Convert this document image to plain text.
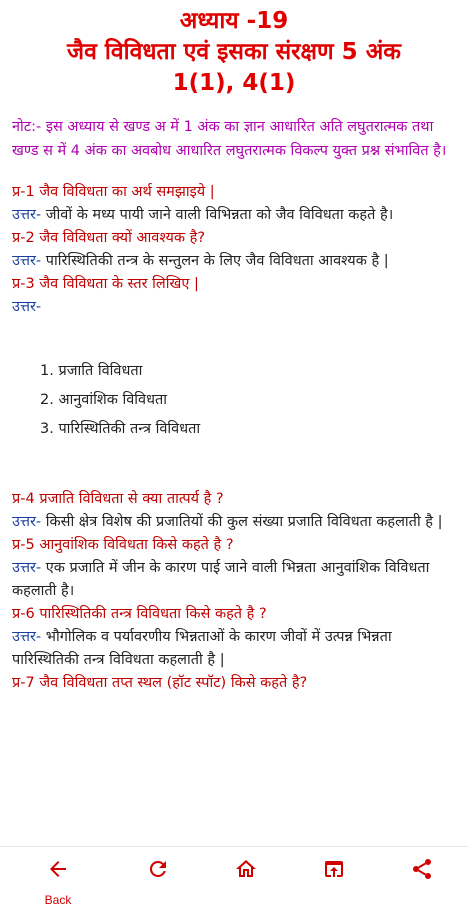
अध्याय -19
जैव विविधता एवं इसका संरक्षण 5 अंक
1(1), 4(1)
नोट:- इस अध्याय से खण्ड अ में 1 अंक का ज्ञान आधारित अति लघुतरात्मक तथा खण्ड स में 4 अंक का अवबोध आधारित लघुतरात्मक विकल्प युक्त प्रश्न संभावित है।
प्र-1 जैव विविधता का अर्थ समझाइये |
उत्तर- जीवों के मध्य पायी जाने वाली विभिन्नता को जैव विविधता कहते है।
प्र-2 जैव विविधता क्यों आवश्यक है?
उत्तर- पारिस्थितिकी तन्त्र के सन्तुलन के लिए जैव विविधता आवश्यक है |
प्र-3 जैव विविधता के स्तर लिखिए |
उत्तर-
1. प्रजाति विविधता
2. आनुवांशिक विविधता
3. पारिस्थितिकी तन्त्र विविधता
प्र-4 प्रजाति विविधता से क्या तात्पर्य है ?
उत्तर- किसी क्षेत्र विशेष की प्रजातियों की कुल संख्या प्रजाति विविधता कहलाती है |
प्र-5 आनुवांशिक विविधता किसे कहते है ?
उत्तर- एक प्रजाति में जीन के कारण पाई जाने वाली भिन्नता आनुवांशिक विविधता कहलाती है।
प्र-6 पारिस्थितिकी तन्त्र विविधता किसे कहते है ?
उत्तर- भौगोलिक व पर्यावरणीय भिन्नताओं के कारण जीवों में उत्पन्न भिन्नता पारिस्थितिकी तन्त्र विविधता कहलाती है |
प्र-7 जैव विविधता तप्त स्थल (हॉट स्पॉट) किसे कहते है?
Back
